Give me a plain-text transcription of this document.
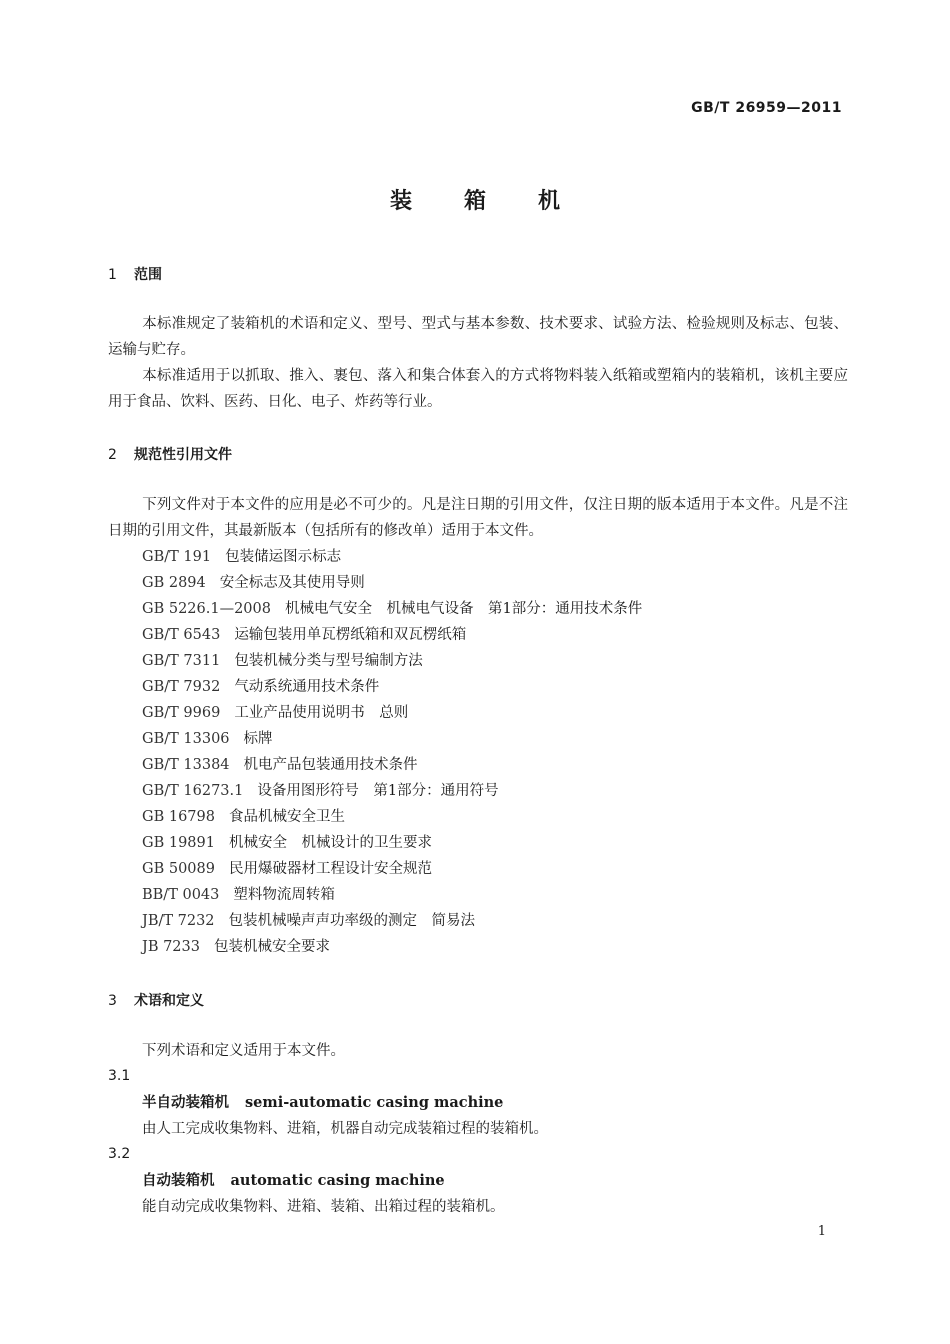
GB/T 26959—2011
装箱机
1 范围
本标准规定了装箱机的术语和定义、型号、型式与基本参数、技术要求、试验方法、检验规则及标志、包装、运输与贮存。
本标准适用于以抓取、推入、裹包、落入和集合体套入的方式将物料装入纸箱或塑箱内的装箱机，该机主要应用于食品、饮料、医药、日化、电子、炸药等行业。
2 规范性引用文件
下列文件对于本文件的应用是必不可少的。凡是注日期的引用文件，仅注日期的版本适用于本文件。凡是不注日期的引用文件，其最新版本（包括所有的修改单）适用于本文件。
GB/T 191 包装储运图示标志
GB 2894 安全标志及其使用导则
GB 5226.1—2008 机械电气安全　机械电气设备　第1部分：通用技术条件
GB/T 6543 运输包装用单瓦楞纸箱和双瓦楞纸箱
GB/T 7311 包装机械分类与型号编制方法
GB/T 7932 气动系统通用技术条件
GB/T 9969 工业产品使用说明书　总则
GB/T 13306 标牌
GB/T 13384 机电产品包装通用技术条件
GB/T 16273.1 设备用图形符号　第1部分：通用符号
GB 16798 食品机械安全卫生
GB 19891 机械安全　机械设计的卫生要求
GB 50089 民用爆破器材工程设计安全规范
BB/T 0043 塑料物流周转箱
JB/T 7232 包装机械噪声声功率级的测定　简易法
JB 7233 包装机械安全要求
3 术语和定义
下列术语和定义适用于本文件。
3.1
半自动装箱机 semi-automatic casing machine
由人工完成收集物料、进箱，机器自动完成装箱过程的装箱机。
3.2
自动装箱机 automatic casing machine
能自动完成收集物料、进箱、装箱、出箱过程的装箱机。
1
